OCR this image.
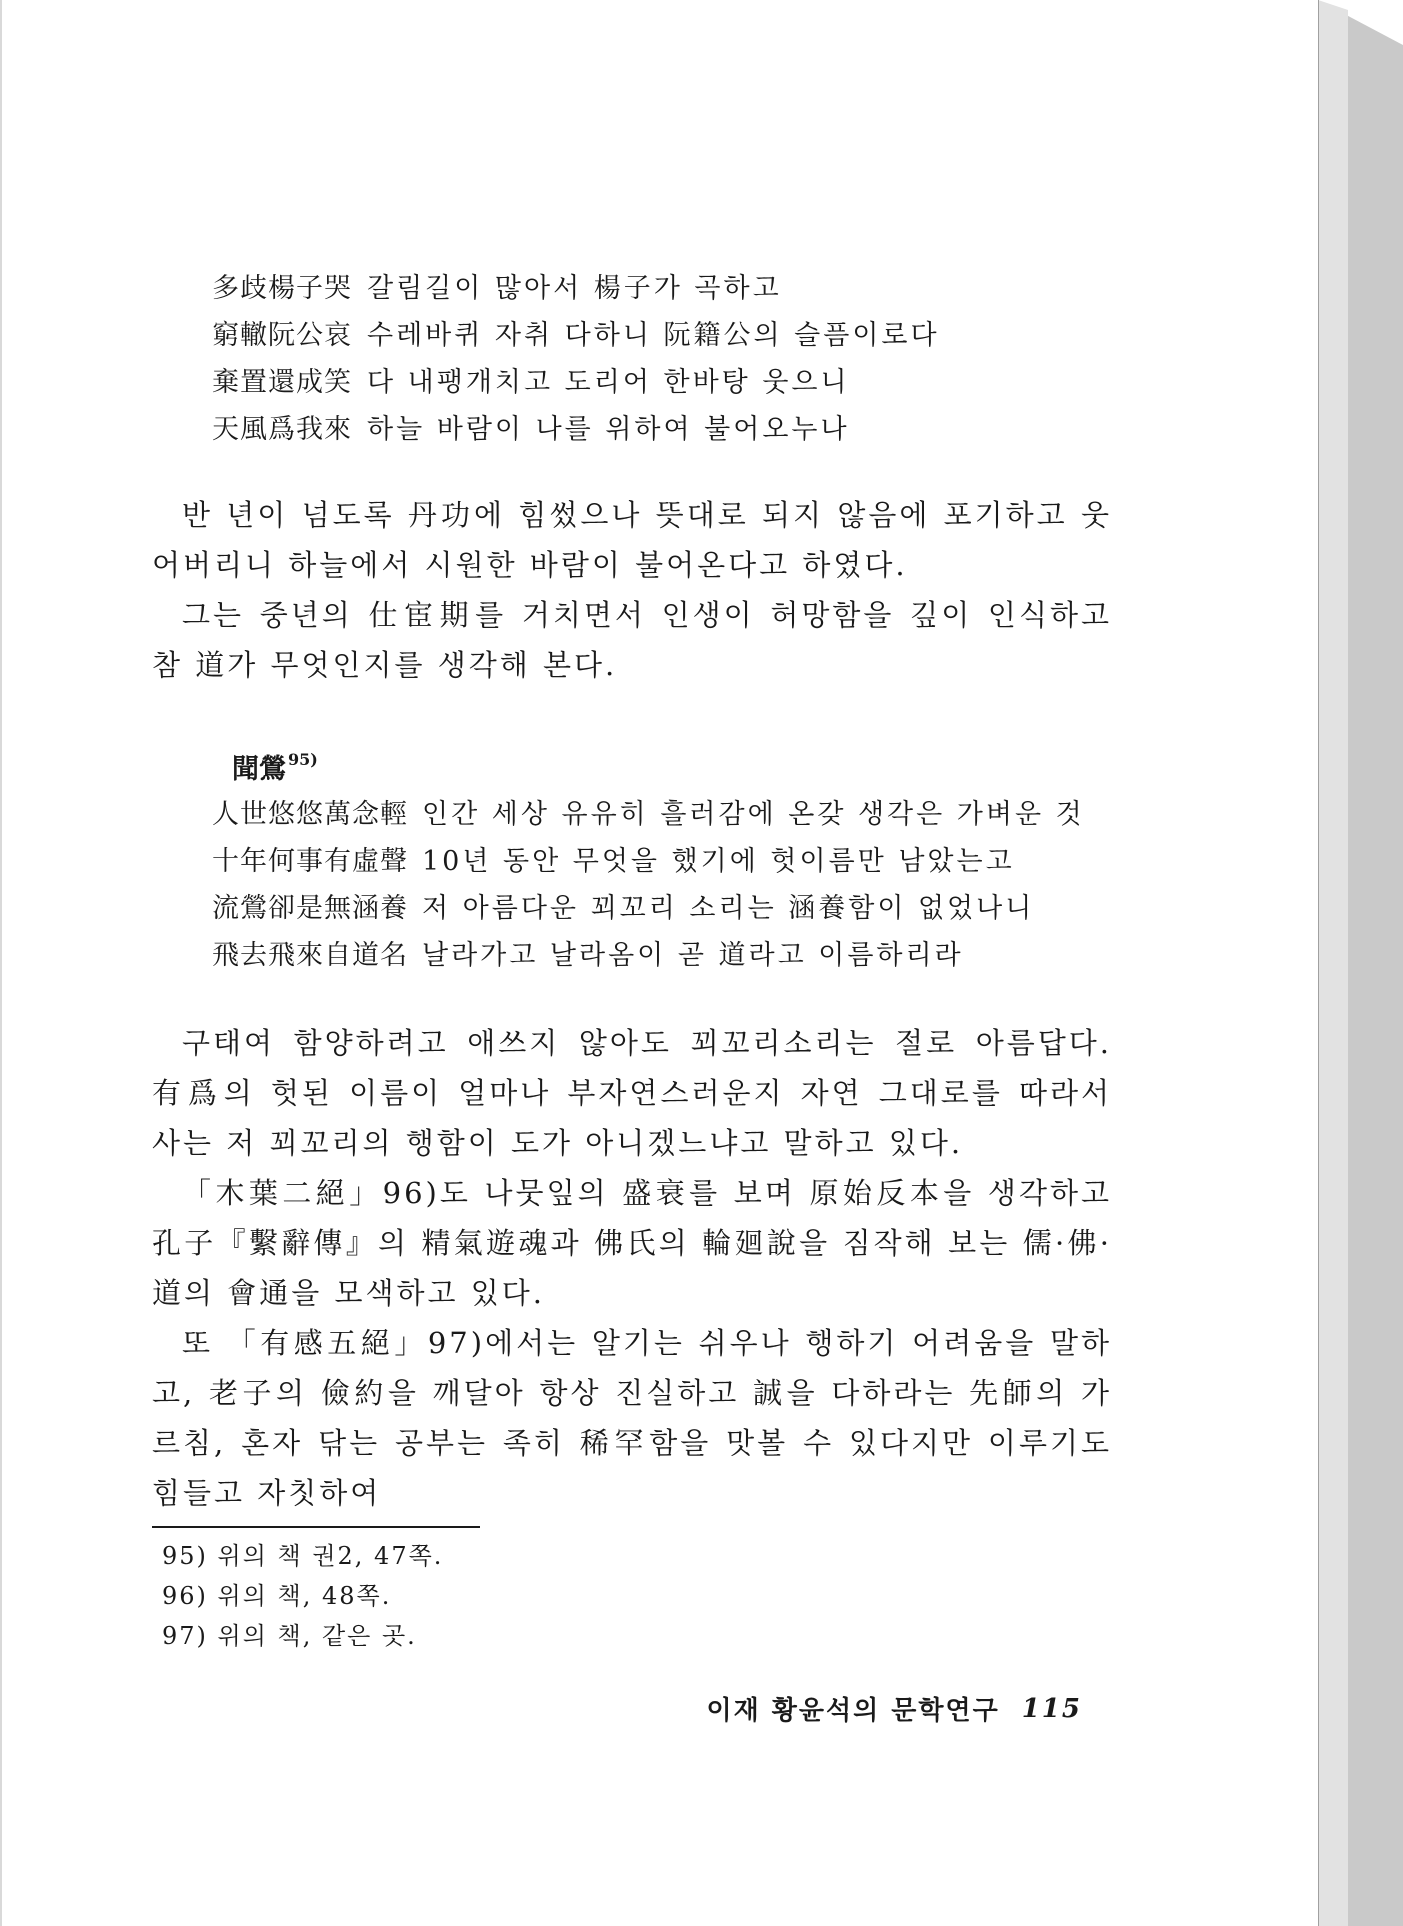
多歧楊子哭 갈림길이 많아서 楊子가 곡하고
窮轍阮公哀 수레바퀴 자취 다하니 阮籍公의 슬픔이로다
棄置還成笑 다 내팽개치고 도리어 한바탕 웃으니
天風爲我來 하늘 바람이 나를 위하여 불어오누나

반 년이 넘도록 丹功에 힘썼으나 뜻대로 되지 않음에 포기하고 웃어버리니 하늘에서 시원한 바람이 불어온다고 하였다.

그는 중년의 仕宦期를 거치면서 인생이 허망함을 깊이 인식하고 참 道가 무엇인지를 생각해 본다.

聞鶯$^{95)}$
人世悠悠萬念輕 인간 세상 유유히 흘러감에 온갖 생각은 가벼운 것
十年何事有虛聲 10년 동안 무엇을 했기에 헛이름만 남았는고
流鶯卻是無涵養 저 아름다운 꾀꼬리 소리는 涵養함이 없었나니
飛去飛來自道名 날라가고 날라옴이 곧 道라고 이름하리라

구태여 함양하려고 애쓰지 않아도 꾀꼬리소리는 절로 아름답다. 有爲의 헛된 이름이 얼마나 부자연스러운지 자연 그대로를 따라서 사는 저 꾀꼬리의 행함이 도가 아니겠느냐고 말하고 있다.

「木葉二絕」96)도 나뭇잎의 盛衰를 보며 原始反本을 생각하고 孔子『繫辭傳』의 精氣遊魂과 佛氏의 輪廻說을 짐작해 보는 儒·佛·道의 會通을 모색하고 있다.

또 「有感五絕」97)에서는 알기는 쉬우나 행하기 어려움을 말하고, 老子의 儉約을 깨달아 항상 진실하고 誠을 다하라는 先師의 가르침, 혼자 닦는 공부는 족히 稀罕함을 맛볼 수 있다지만 이루기도 힘들고 자칫하여

95) 위의 책 권2, 47쪽.
96) 위의 책, 48쪽.
97) 위의 책, 같은 곳.
이재 황윤석의 문학연구 115
